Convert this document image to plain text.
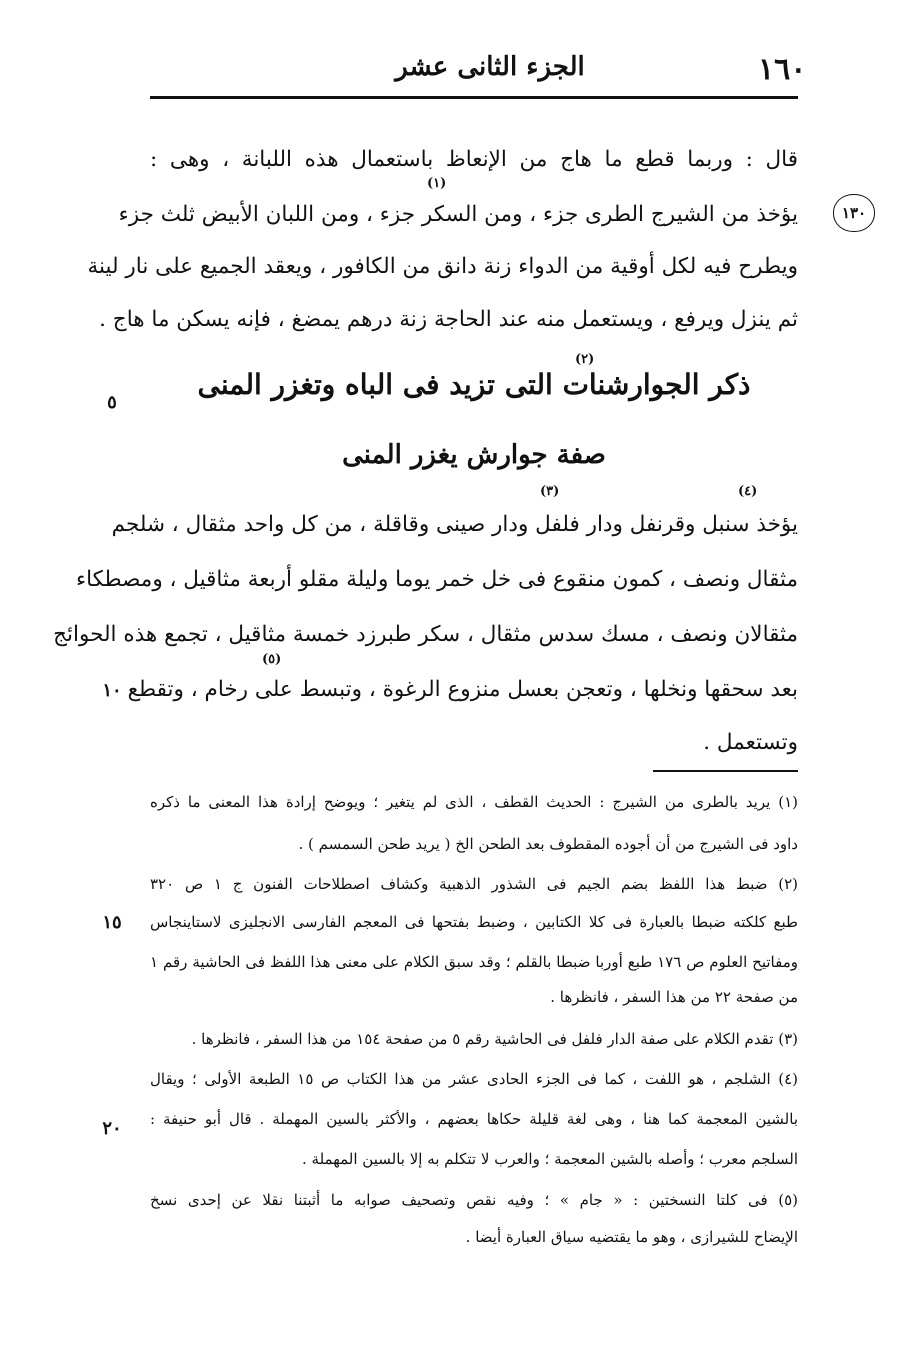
١٦٠
الجزء الثانى عشر
١٣٠
قال : وربما قطع ما هاج من الإنعاظ باستعمال هذه اللبانة ، وهى :
يؤخذ من الشيرج الطرى جزء ، ومن السكر جزء ، ومن اللبان الأبيض ثلث جزء
ويطرح فيه لكل أوقية من الدواء زنة دانق من الكافور ، ويعقد الجميع على نار لينة
ثم ينزل ويرفع ، ويستعمل منه عند الحاجة زنة درهم يمضغ ، فإنه يسكن ما هاج .
(١)
(٢)
(٣)	(٤)
(٥)
ذكر الجوارشنات التى تزيد فى الباه وتغزر المنى
صفة جوارش يغزر المنى
يؤخذ سنبل وقرنفل ودار فلفل ودار صينى وقاقلة ، من كل واحد مثقال ، شلجم
مثقال ونصف ، كمون منقوع فى خل خمر يوما وليلة مقلو أربعة مثاقيل ، ومصطكاء
مثقالان ونصف ، مسك سدس مثقال ، سكر طبرزد خمسة مثاقيل ، تجمع هذه الحوائج
بعد سحقها ونخلها ، وتعجن بعسل منزوع الرغوة ، وتبسط على رخام ، وتقطع
وتستعمل .
٥
١٠
١٥
٢٠
(١) يريد بالطرى من الشيرج : الحديث القطف ، الذى لم يتغير ؛ ويوضح إرادة هذا المعنى ما ذكره
داود فى الشيرج من أن أجوده المقطوف بعد الطحن الخ ( يريد طحن السمسم ) .
(٢) ضبط هذا اللفظ بضم الجيم فى الشذور الذهبية وكشاف اصطلاحات الفنون ج ١ ص ٣٢٠
طبع كلكته ضبطا بالعبارة فى كلا الكتابين ، وضبط بفتحها فى المعجم الفارسى الانجليزى لاستاينجاس
ومفاتيح العلوم ص ١٧٦ طبع أوربا ضبطا بالقلم ؛ وقد سبق الكلام على معنى هذا اللفظ فى الحاشية رقم ١
من صفحة ٢٢ من هذا السفر ، فانظرها .
(٣) تقدم الكلام على صفة الدار فلفل فى الحاشية رقم ٥ من صفحة ١٥٤ من هذا السفر ، فانظرها .
(٤) الشلجم ، هو اللفت ، كما فى الجزء الحادى عشر من هذا الكتاب ص ١٥ الطبعة الأولى ؛ ويقال
بالشين المعجمة كما هنا ، وهى لغة قليلة حكاها بعضهم ، والأكثر بالسين المهملة . قال أبو حنيفة :
السلجم معرب ؛ وأصله بالشين المعجمة ؛ والعرب لا تتكلم به إلا بالسين المهملة .
(٥) فى كلتا النسختين : « جام » ؛ وفيه نقص وتصحيف صوابه ما أثبتنا نقلا عن إحدى نسخ
الإيضاح للشيرازى ، وهو ما يقتضيه سياق العبارة أيضا .
